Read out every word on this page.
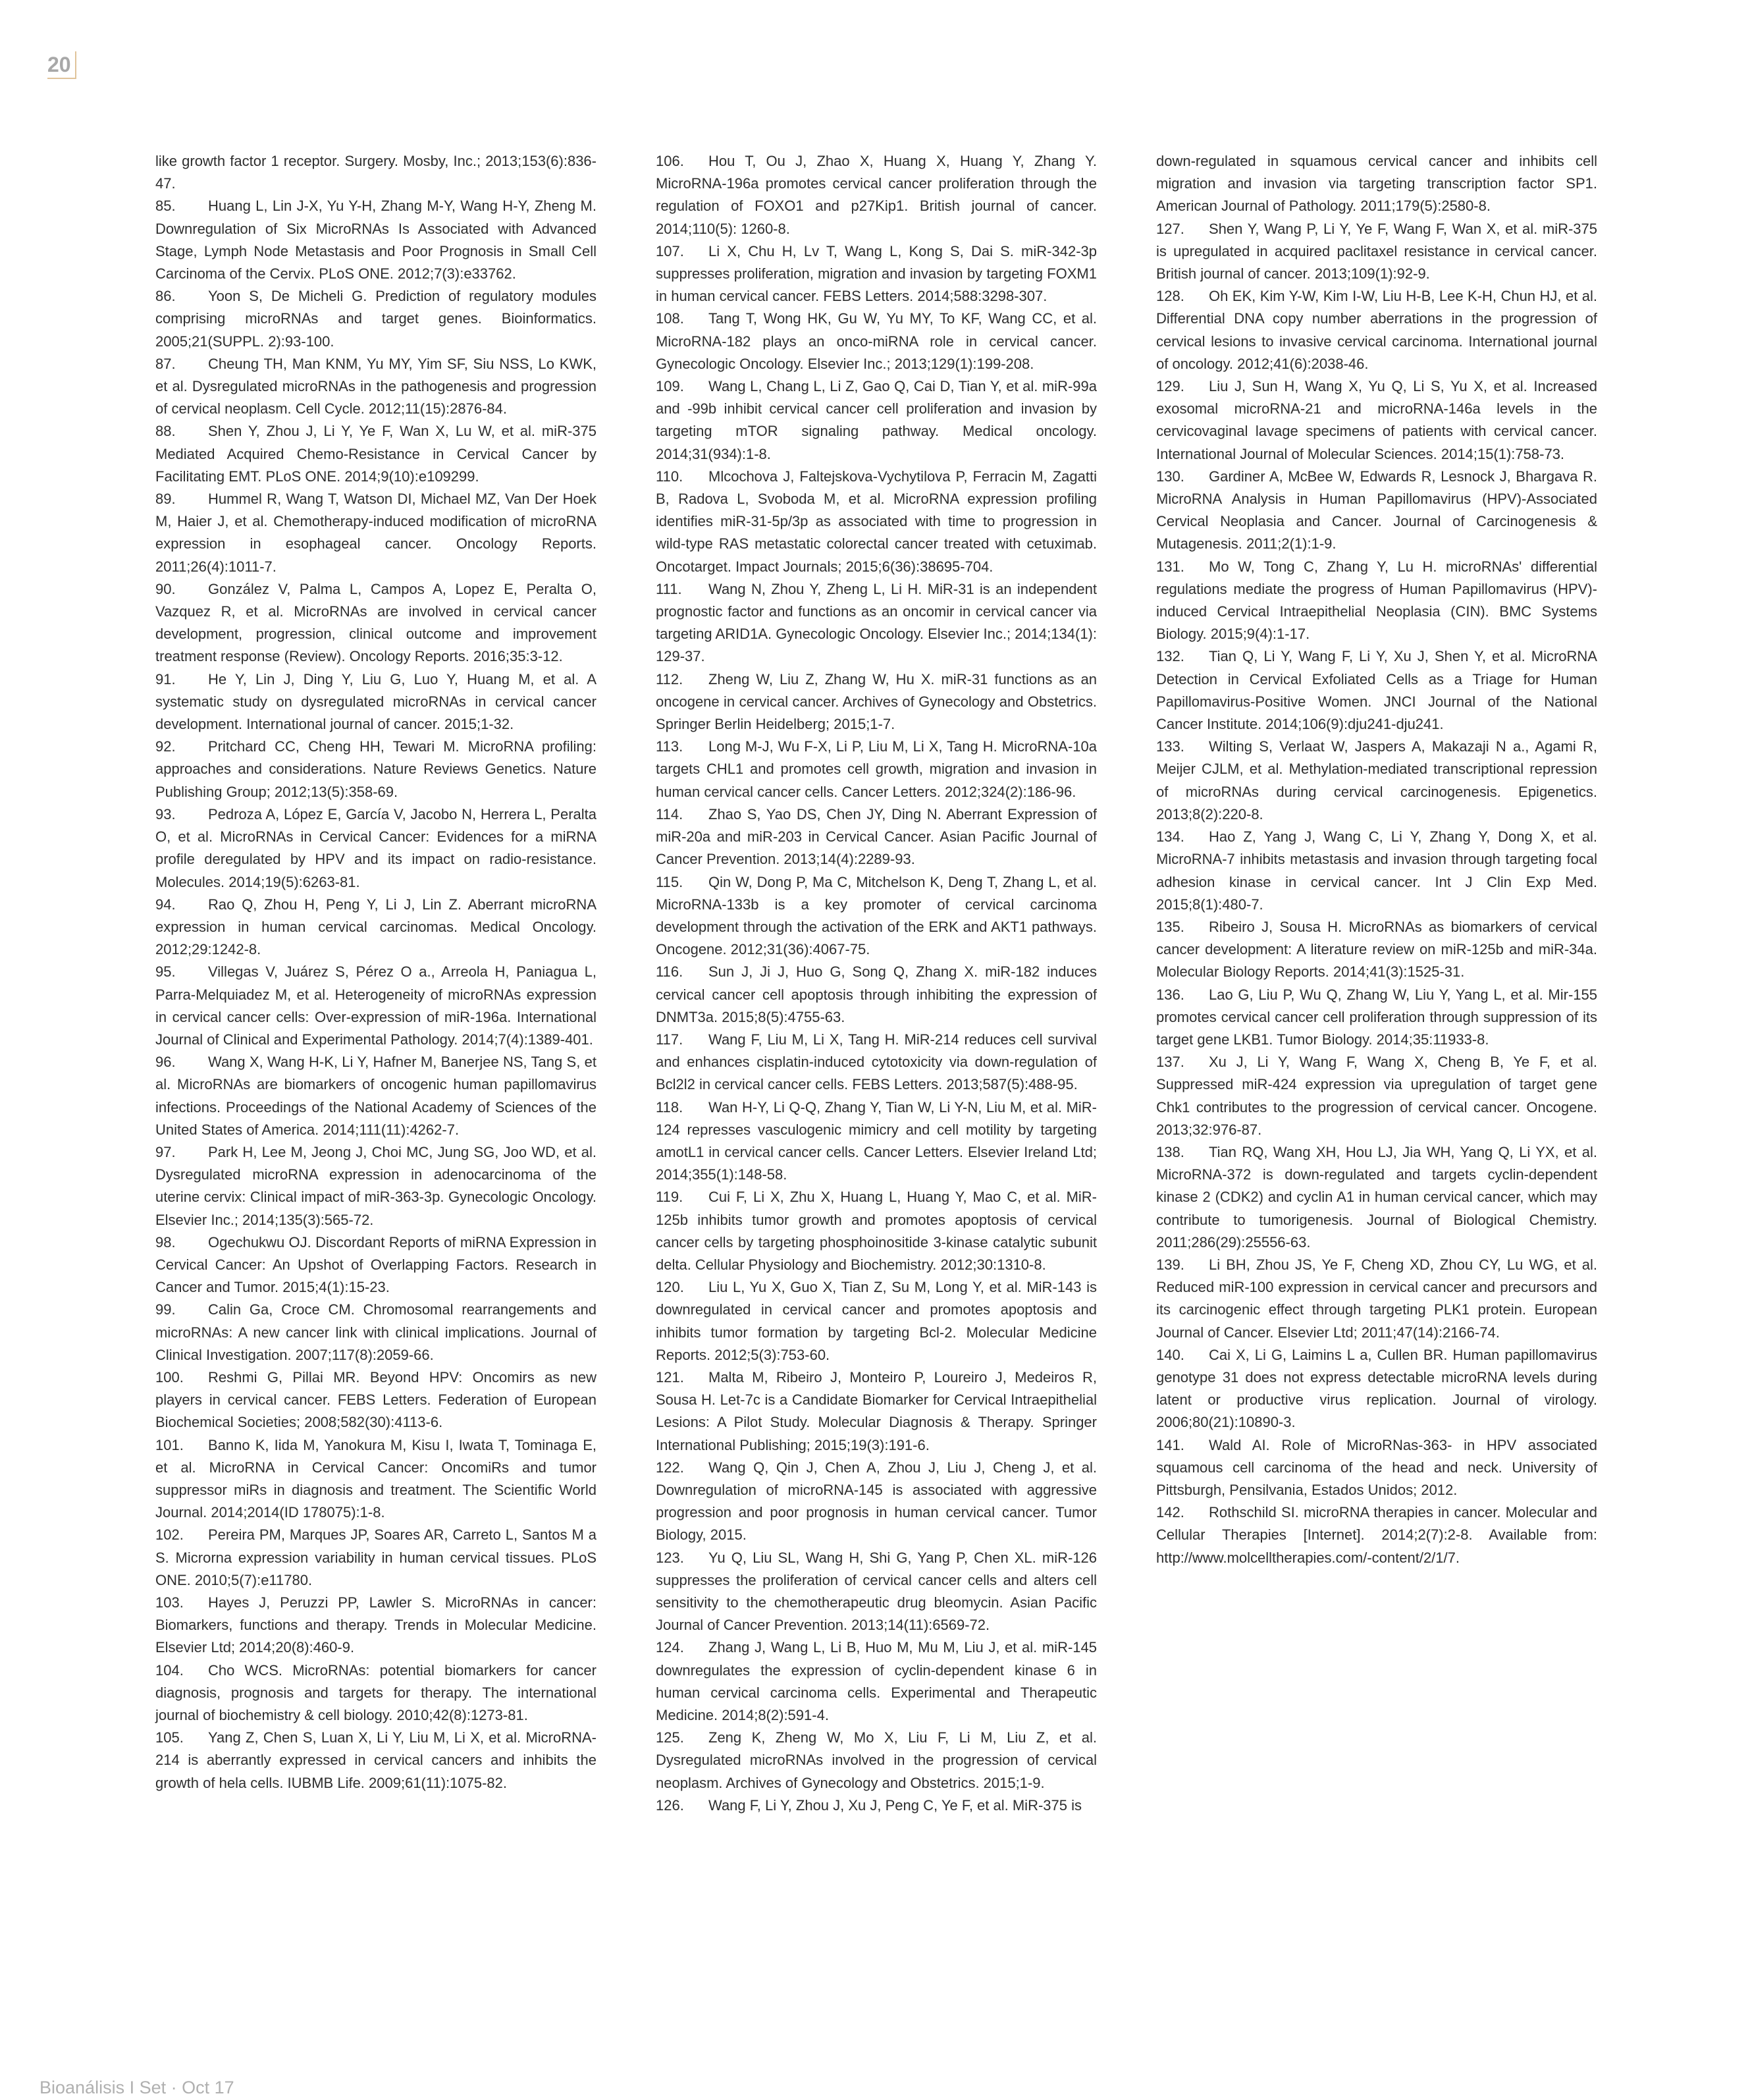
20

like growth factor 1 receptor. Surgery. Mosby, Inc.; 2013;153(6):836-47.

85. Huang L, Lin J-X, Yu Y-H, Zhang M-Y, Wang H-Y, Zheng M. Downregulation of Six MicroRNAs Is Associated with Advanced Stage, Lymph Node Metastasis and Poor Prognosis in Small Cell Carcinoma of the Cervix. PLoS ONE. 2012;7(3):e33762.

86. Yoon S, De Micheli G. Prediction of regulatory modules comprising microRNAs and target genes. Bioinformatics. 2005;21(SUPPL. 2):93-100.

87. Cheung TH, Man KNM, Yu MY, Yim SF, Siu NSS, Lo KWK, et al. Dysregulated microRNAs in the pathogenesis and progression of cervical neoplasm. Cell Cycle. 2012;11(15):2876-84.

88. Shen Y, Zhou J, Li Y, Ye F, Wan X, Lu W, et al. miR-375 Mediated Acquired Chemo-Resistance in Cervical Cancer by Facilitating EMT. PLoS ONE. 2014;9(10):e109299.

89. Hummel R, Wang T, Watson DI, Michael MZ, Van Der Hoek M, Haier J, et al. Chemotherapy-induced modification of microRNA expression in esophageal cancer. Oncology Reports. 2011;26(4):1011-7.

90. González V, Palma L, Campos A, Lopez E, Peralta O, Vazquez R, et al. MicroRNAs are involved in cervical cancer development, progression, clinical outcome and improvement treatment response (Review). Oncology Reports. 2016;35:3-12.

91. He Y, Lin J, Ding Y, Liu G, Luo Y, Huang M, et al. A systematic study on dysregulated microRNAs in cervical cancer development. International journal of cancer. 2015;1-32.

92. Pritchard CC, Cheng HH, Tewari M. MicroRNA profiling: approaches and considerations. Nature Reviews Genetics. Nature Publishing Group; 2012;13(5):358-69.

93. Pedroza A, López E, García V, Jacobo N, Herrera L, Peralta O, et al. MicroRNAs in Cervical Cancer: Evidences for a miRNA profile deregulated by HPV and its impact on radio-resistance. Molecules. 2014;19(5):6263-81.

94. Rao Q, Zhou H, Peng Y, Li J, Lin Z. Aberrant microRNA expression in human cervical carcinomas. Medical Oncology. 2012;29:1242-8.

95. Villegas V, Juárez S, Pérez O a., Arreola H, Paniagua L, Parra-Melquiadez M, et al. Heterogeneity of microRNAs expression in cervical cancer cells: Over-expression of miR-196a. International Journal of Clinical and Experimental Pathology. 2014;7(4):1389-401.

96. Wang X, Wang H-K, Li Y, Hafner M, Banerjee NS, Tang S, et al. MicroRNAs are biomarkers of oncogenic human papillomavirus infections. Proceedings of the National Academy of Sciences of the United States of America. 2014;111(11):4262-7.

97. Park H, Lee M, Jeong J, Choi MC, Jung SG, Joo WD, et al. Dysregulated microRNA expression in adenocarcinoma of the uterine cervix: Clinical impact of miR-363-3p. Gynecologic Oncology. Elsevier Inc.; 2014;135(3):565-72.

98. Ogechukwu OJ. Discordant Reports of miRNA Expression in Cervical Cancer: An Upshot of Overlapping Factors. Research in Cancer and Tumor. 2015;4(1):15-23.

99. Calin Ga, Croce CM. Chromosomal rearrangements and microRNAs: A new cancer link with clinical implications. Journal of Clinical Investigation. 2007;117(8):2059-66.

100. Reshmi G, Pillai MR. Beyond HPV: Oncomirs as new players in cervical cancer. FEBS Letters. Federation of European Biochemical Societies; 2008;582(30):4113-6.

101. Banno K, Iida M, Yanokura M, Kisu I, Iwata T, Tominaga E, et al. MicroRNA in Cervical Cancer: OncomiRs and tumor suppressor miRs in diagnosis and treatment. The Scientific World Journal. 2014;2014(ID 178075):1-8.

102. Pereira PM, Marques JP, Soares AR, Carreto L, Santos M a S. Microrna expression variability in human cervical tissues. PLoS ONE. 2010;5(7):e11780.

103. Hayes J, Peruzzi PP, Lawler S. MicroRNAs in cancer: Biomarkers, functions and therapy. Trends in Molecular Medicine. Elsevier Ltd; 2014;20(8):460-9.

104. Cho WCS. MicroRNAs: potential biomarkers for cancer diagnosis, prognosis and targets for therapy. The international journal of biochemistry & cell biology. 2010;42(8):1273-81.

105. Yang Z, Chen S, Luan X, Li Y, Liu M, Li X, et al. MicroRNA-214 is aberrantly expressed in cervical cancers and inhibits the growth of hela cells. IUBMB Life. 2009;61(11):1075-82.

106. Hou T, Ou J, Zhao X, Huang X, Huang Y, Zhang Y. MicroRNA-196a promotes cervical cancer proliferation through the regulation of FOXO1 and p27Kip1. British journal of cancer. 2014;110(5): 1260-8.

107. Li X, Chu H, Lv T, Wang L, Kong S, Dai S. miR-342-3p suppresses proliferation, migration and invasion by targeting FOXM1 in human cervical cancer. FEBS Letters. 2014;588:3298-307.

108. Tang T, Wong HK, Gu W, Yu MY, To KF, Wang CC, et al. MicroRNA-182 plays an onco-miRNA role in cervical cancer. Gynecologic Oncology. Elsevier Inc.; 2013;129(1):199-208.

109. Wang L, Chang L, Li Z, Gao Q, Cai D, Tian Y, et al. miR-99a and -99b inhibit cervical cancer cell proliferation and invasion by targeting mTOR signaling pathway. Medical oncology. 2014;31(934):1-8.

110. Mlcochova J, Faltejskova-Vychytilova P, Ferracin M, Zagatti B, Radova L, Svoboda M, et al. MicroRNA expression profiling identifies miR-31-5p/3p as associated with time to progression in wild-type RAS metastatic colorectal cancer treated with cetuximab. Oncotarget. Impact Journals; 2015;6(36):38695-704.

111. Wang N, Zhou Y, Zheng L, Li H. MiR-31 is an independent prognostic factor and functions as an oncomir in cervical cancer via targeting ARID1A. Gynecologic Oncology. Elsevier Inc.; 2014;134(1): 129-37.

112. Zheng W, Liu Z, Zhang W, Hu X. miR-31 functions as an oncogene in cervical cancer. Archives of Gynecology and Obstetrics. Springer Berlin Heidelberg; 2015;1-7.

113. Long M-J, Wu F-X, Li P, Liu M, Li X, Tang H. MicroRNA-10a targets CHL1 and promotes cell growth, migration and invasion in human cervical cancer cells. Cancer Letters. 2012;324(2):186-96.

114. Zhao S, Yao DS, Chen JY, Ding N. Aberrant Expression of miR-20a and miR-203 in Cervical Cancer. Asian Pacific Journal of Cancer Prevention. 2013;14(4):2289-93.

115. Qin W, Dong P, Ma C, Mitchelson K, Deng T, Zhang L, et al. MicroRNA-133b is a key promoter of cervical carcinoma development through the activation of the ERK and AKT1 pathways. Oncogene. 2012;31(36):4067-75.

116. Sun J, Ji J, Huo G, Song Q, Zhang X. miR-182 induces cervical cancer cell apoptosis through inhibiting the expression of DNMT3a. 2015;8(5):4755-63.

117. Wang F, Liu M, Li X, Tang H. MiR-214 reduces cell survival and enhances cisplatin-induced cytotoxicity via down-regulation of Bcl2l2 in cervical cancer cells. FEBS Letters. 2013;587(5):488-95.

118. Wan H-Y, Li Q-Q, Zhang Y, Tian W, Li Y-N, Liu M, et al. MiR-124 represses vasculogenic mimicry and cell motility by targeting amotL1 in cervical cancer cells. Cancer Letters. Elsevier Ireland Ltd; 2014;355(1):148-58.

119. Cui F, Li X, Zhu X, Huang L, Huang Y, Mao C, et al. MiR-125b inhibits tumor growth and promotes apoptosis of cervical cancer cells by targeting phosphoinositide 3-kinase catalytic subunit delta. Cellular Physiology and Biochemistry. 2012;30:1310-8.

120. Liu L, Yu X, Guo X, Tian Z, Su M, Long Y, et al. MiR-143 is downregulated in cervical cancer and promotes apoptosis and inhibits tumor formation by targeting Bcl-2. Molecular Medicine Reports. 2012;5(3):753-60.

121. Malta M, Ribeiro J, Monteiro P, Loureiro J, Medeiros R, Sousa H. Let-7c is a Candidate Biomarker for Cervical Intraepithelial Lesions: A Pilot Study. Molecular Diagnosis & Therapy. Springer International Publishing; 2015;19(3):191-6.

122. Wang Q, Qin J, Chen A, Zhou J, Liu J, Cheng J, et al. Downregulation of microRNA-145 is associated with aggressive progression and poor prognosis in human cervical cancer. Tumor Biology, 2015.

123. Yu Q, Liu SL, Wang H, Shi G, Yang P, Chen XL. miR-126 suppresses the proliferation of cervical cancer cells and alters cell sensitivity to the chemotherapeutic drug bleomycin. Asian Pacific Journal of Cancer Prevention. 2013;14(11):6569-72.

124. Zhang J, Wang L, Li B, Huo M, Mu M, Liu J, et al. miR-145 downregulates the expression of cyclin-dependent kinase 6 in human cervical carcinoma cells. Experimental and Therapeutic Medicine. 2014;8(2):591-4.

125. Zeng K, Zheng W, Mo X, Liu F, Li M, Liu Z, et al. Dysregulated microRNAs involved in the progression of cervical neoplasm. Archives of Gynecology and Obstetrics. 2015;1-9.

126. Wang F, Li Y, Zhou J, Xu J, Peng C, Ye F, et al. MiR-375 is

down-regulated in squamous cervical cancer and inhibits cell migration and invasion via targeting transcription factor SP1. American Journal of Pathology. 2011;179(5):2580-8.

127. Shen Y, Wang P, Li Y, Ye F, Wang F, Wan X, et al. miR-375 is upregulated in acquired paclitaxel resistance in cervical cancer. British journal of cancer. 2013;109(1):92-9.

128. Oh EK, Kim Y-W, Kim I-W, Liu H-B, Lee K-H, Chun HJ, et al. Differential DNA copy number aberrations in the progression of cervical lesions to invasive cervical carcinoma. International journal of oncology. 2012;41(6):2038-46.

129. Liu J, Sun H, Wang X, Yu Q, Li S, Yu X, et al. Increased exosomal microRNA-21 and microRNA-146a levels in the cervicovaginal lavage specimens of patients with cervical cancer. International Journal of Molecular Sciences. 2014;15(1):758-73.

130. Gardiner A, McBee W, Edwards R, Lesnock J, Bhargava R. MicroRNA Analysis in Human Papillomavirus (HPV)-Associated Cervical Neoplasia and Cancer. Journal of Carcinogenesis & Mutagenesis. 2011;2(1):1-9.

131. Mo W, Tong C, Zhang Y, Lu H. microRNAs' differential regulations mediate the progress of Human Papillomavirus (HPV)-induced Cervical Intraepithelial Neoplasia (CIN). BMC Systems Biology. 2015;9(4):1-17.

132. Tian Q, Li Y, Wang F, Li Y, Xu J, Shen Y, et al. MicroRNA Detection in Cervical Exfoliated Cells as a Triage for Human Papillomavirus-Positive Women. JNCI Journal of the National Cancer Institute. 2014;106(9):dju241-dju241.

133. Wilting S, Verlaat W, Jaspers A, Makazaji N a., Agami R, Meijer CJLM, et al. Methylation-mediated transcriptional repression of microRNAs during cervical carcinogenesis. Epigenetics. 2013;8(2):220-8.

134. Hao Z, Yang J, Wang C, Li Y, Zhang Y, Dong X, et al. MicroRNA-7 inhibits metastasis and invasion through targeting focal adhesion kinase in cervical cancer. Int J Clin Exp Med. 2015;8(1):480-7.

135. Ribeiro J, Sousa H. MicroRNAs as biomarkers of cervical cancer development: A literature review on miR-125b and miR-34a. Molecular Biology Reports. 2014;41(3):1525-31.

136. Lao G, Liu P, Wu Q, Zhang W, Liu Y, Yang L, et al. Mir-155 promotes cervical cancer cell proliferation through suppression of its target gene LKB1. Tumor Biology. 2014;35:11933-8.

137. Xu J, Li Y, Wang F, Wang X, Cheng B, Ye F, et al. Suppressed miR-424 expression via upregulation of target gene Chk1 contributes to the progression of cervical cancer. Oncogene. 2013;32:976-87.

138. Tian RQ, Wang XH, Hou LJ, Jia WH, Yang Q, Li YX, et al. MicroRNA-372 is down-regulated and targets cyclin-dependent kinase 2 (CDK2) and cyclin A1 in human cervical cancer, which may contribute to tumorigenesis. Journal of Biological Chemistry. 2011;286(29):25556-63.

139. Li BH, Zhou JS, Ye F, Cheng XD, Zhou CY, Lu WG, et al. Reduced miR-100 expression in cervical cancer and precursors and its carcinogenic effect through targeting PLK1 protein. European Journal of Cancer. Elsevier Ltd; 2011;47(14):2166-74.

140. Cai X, Li G, Laimins L a, Cullen BR. Human papillomavirus genotype 31 does not express detectable microRNA levels during latent or productive virus replication. Journal of virology. 2006;80(21):10890-3.

141. Wald AI. Role of MicroRNas-363- in HPV associated squamous cell carcinoma of the head and neck. University of Pittsburgh, Pensilvania, Estados Unidos; 2012.

142. Rothschild SI. microRNA therapies in cancer. Molecular and Cellular Therapies [Internet]. 2014;2(7):2-8. Available from: http://www.molcelltherapies.com/-content/2/1/7.

Bioanálisis I Set · Oct 17
